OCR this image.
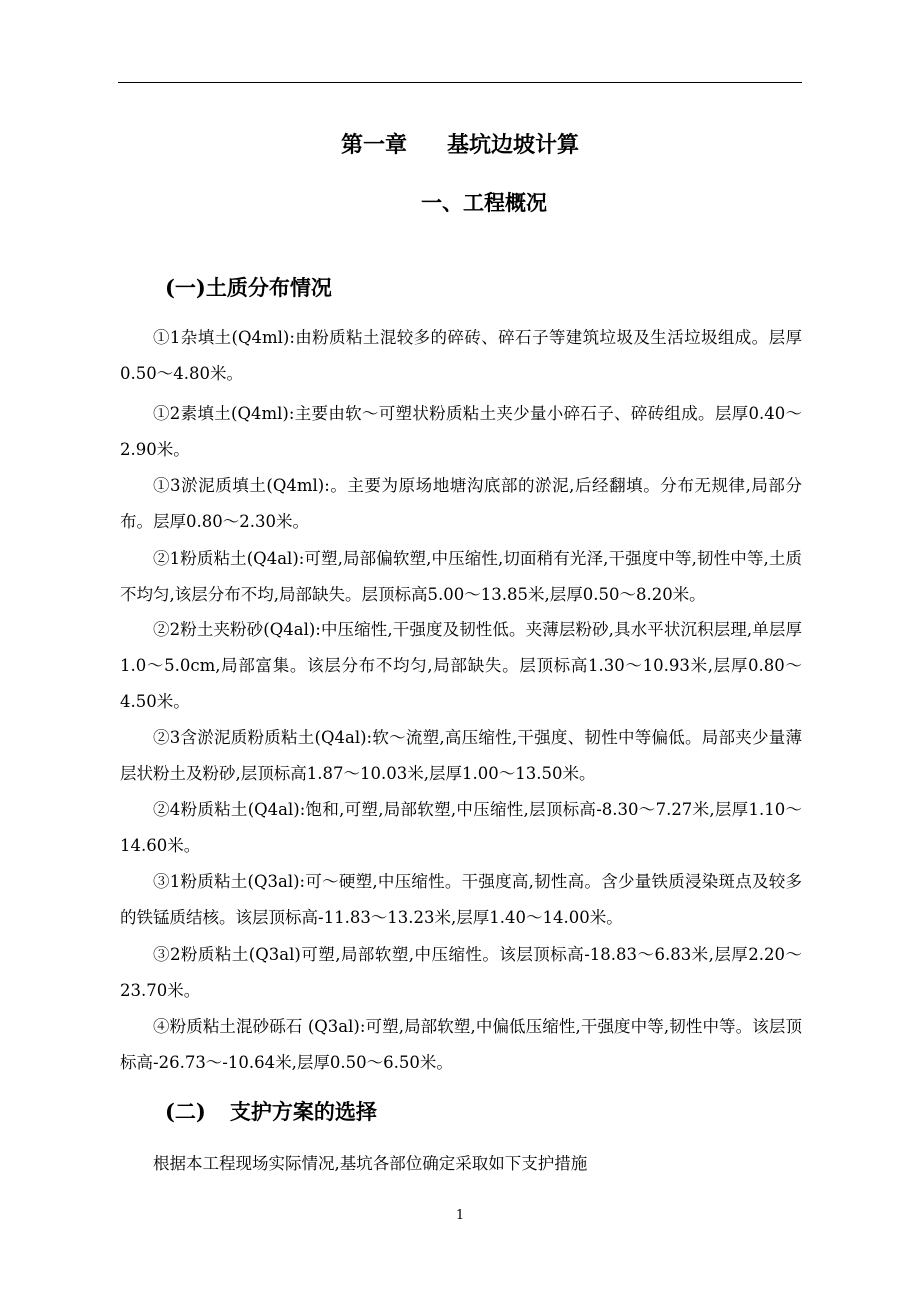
第一章 基坑边坡计算
一、工程概况
(一)土质分布情况

①1杂填土(Q4ml):由粉质粘土混较多的碎砖、碎石子等建筑垃圾及生活垃圾组成。层厚0.50～4.80米。

①2素填土(Q4ml):主要由软～可塑状粉质粘土夹少量小碎石子、碎砖组成。层厚0.40～2.90米。

①3淤泥质填土(Q4ml):。主要为原场地塘沟底部的淤泥,后经翻填。分布无规律,局部分布。层厚0.80～2.30米。

②1粉质粘土(Q4al):可塑,局部偏软塑,中压缩性,切面稍有光泽,干强度中等,韧性中等,土质不均匀,该层分布不均,局部缺失。层顶标高5.00～13.85米,层厚0.50～8.20米。

②2粉土夹粉砂(Q4al):中压缩性,干强度及韧性低。夹薄层粉砂,具水平状沉积层理,单层厚1.0～5.0cm,局部富集。该层分布不均匀,局部缺失。层顶标高1.30～10.93米,层厚0.80～4.50米。

②3含淤泥质粉质粘土(Q4al):软～流塑,高压缩性,干强度、韧性中等偏低。局部夹少量薄层状粉土及粉砂,层顶标高1.87～10.03米,层厚1.00～13.50米。

②4粉质粘土(Q4al):饱和,可塑,局部软塑,中压缩性,层顶标高-8.30～7.27米,层厚1.10～14.60米。

③1粉质粘土(Q3al):可～硬塑,中压缩性。干强度高,韧性高。含少量铁质浸染斑点及较多的铁锰质结核。该层顶标高-11.83～13.23米,层厚1.40～14.00米。

③2粉质粘土(Q3al)可塑,局部软塑,中压缩性。该层顶标高-18.83～6.83米,层厚2.20～23.70米。

④粉质粘土混砂砾石 (Q3al):可塑,局部软塑,中偏低压缩性,干强度中等,韧性中等。该层顶标高-26.73～-10.64米,层厚0.50～6.50米。

(二) 支护方案的选择

根据本工程现场实际情况,基坑各部位确定采取如下支护措施

1
